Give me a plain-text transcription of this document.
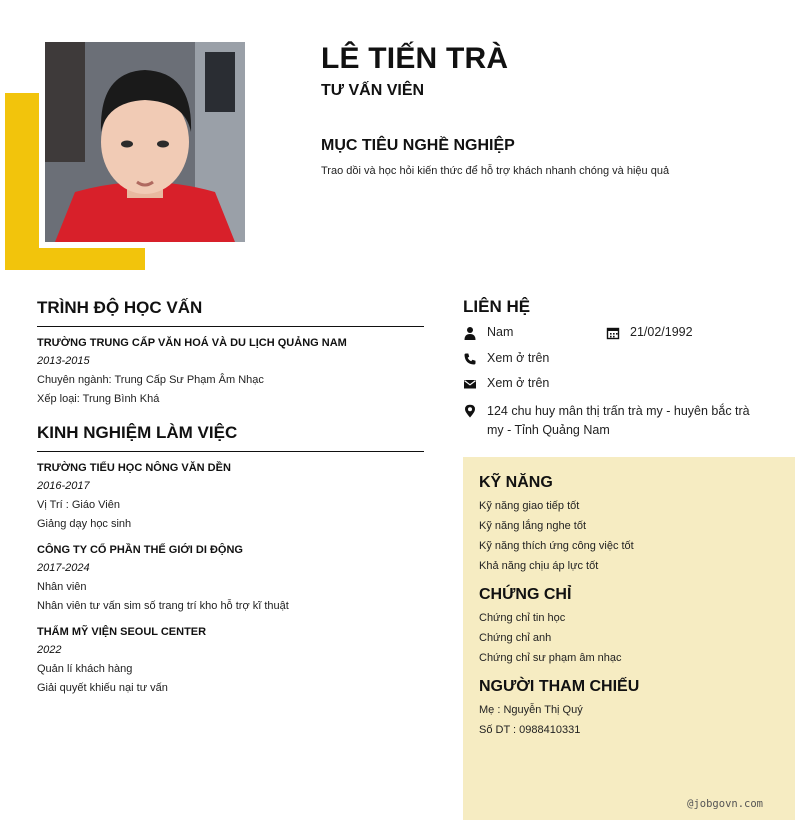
LÊ TIẾN TRÀ
TƯ VẤN VIÊN
MỤC TIÊU NGHỀ NGHIỆP
Trao dồi và học hỏi kiến thức để hỗ trợ khách nhanh chóng và hiệu quả
TRÌNH ĐỘ HỌC VẤN
TRƯỜNG TRUNG CẤP VĂN HOÁ VÀ DU LỊCH QUẢNG NAM
2013-2015
Chuyên ngành: Trung Cấp Sư Phạm Âm Nhạc
Xếp loại: Trung Bình Khá
KINH NGHIỆM LÀM VIỆC
TRƯỜNG TIỂU HỌC NÔNG VĂN DỀN
2016-2017
Vị Trí : Giáo Viên
Giảng dạy học sinh
CÔNG TY CỔ PHẦN THẾ GIỚI DI ĐỘNG
2017-2024
Nhân viên
Nhân viên tư vấn sim số trang trí kho hỗ trợ kĩ thuật
THẨM MỸ VIỆN SEOUL CENTER
2022
Quản lí khách hàng
Giải quyết khiếu nại tư vấn
LIÊN HỆ
Nam	21/02/1992
Xem ở trên
Xem ở trên
124 chu huy mân thị trấn trà my - huyên bắc trà my - Tỉnh Quảng Nam
KỸ NĂNG
Kỹ năng giao tiếp tốt
Kỹ năng lắng nghe tốt
Kỹ năng thích ứng công việc tốt
Khả năng chịu áp lực tốt
CHỨNG CHỈ
Chứng chỉ tin học
Chứng chỉ anh
Chứng chỉ sư phạm âm nhạc
NGƯỜI THAM CHIẾU
Mẹ : Nguyễn Thị Quý
Số DT : 0988410331
@jobgovn.com
